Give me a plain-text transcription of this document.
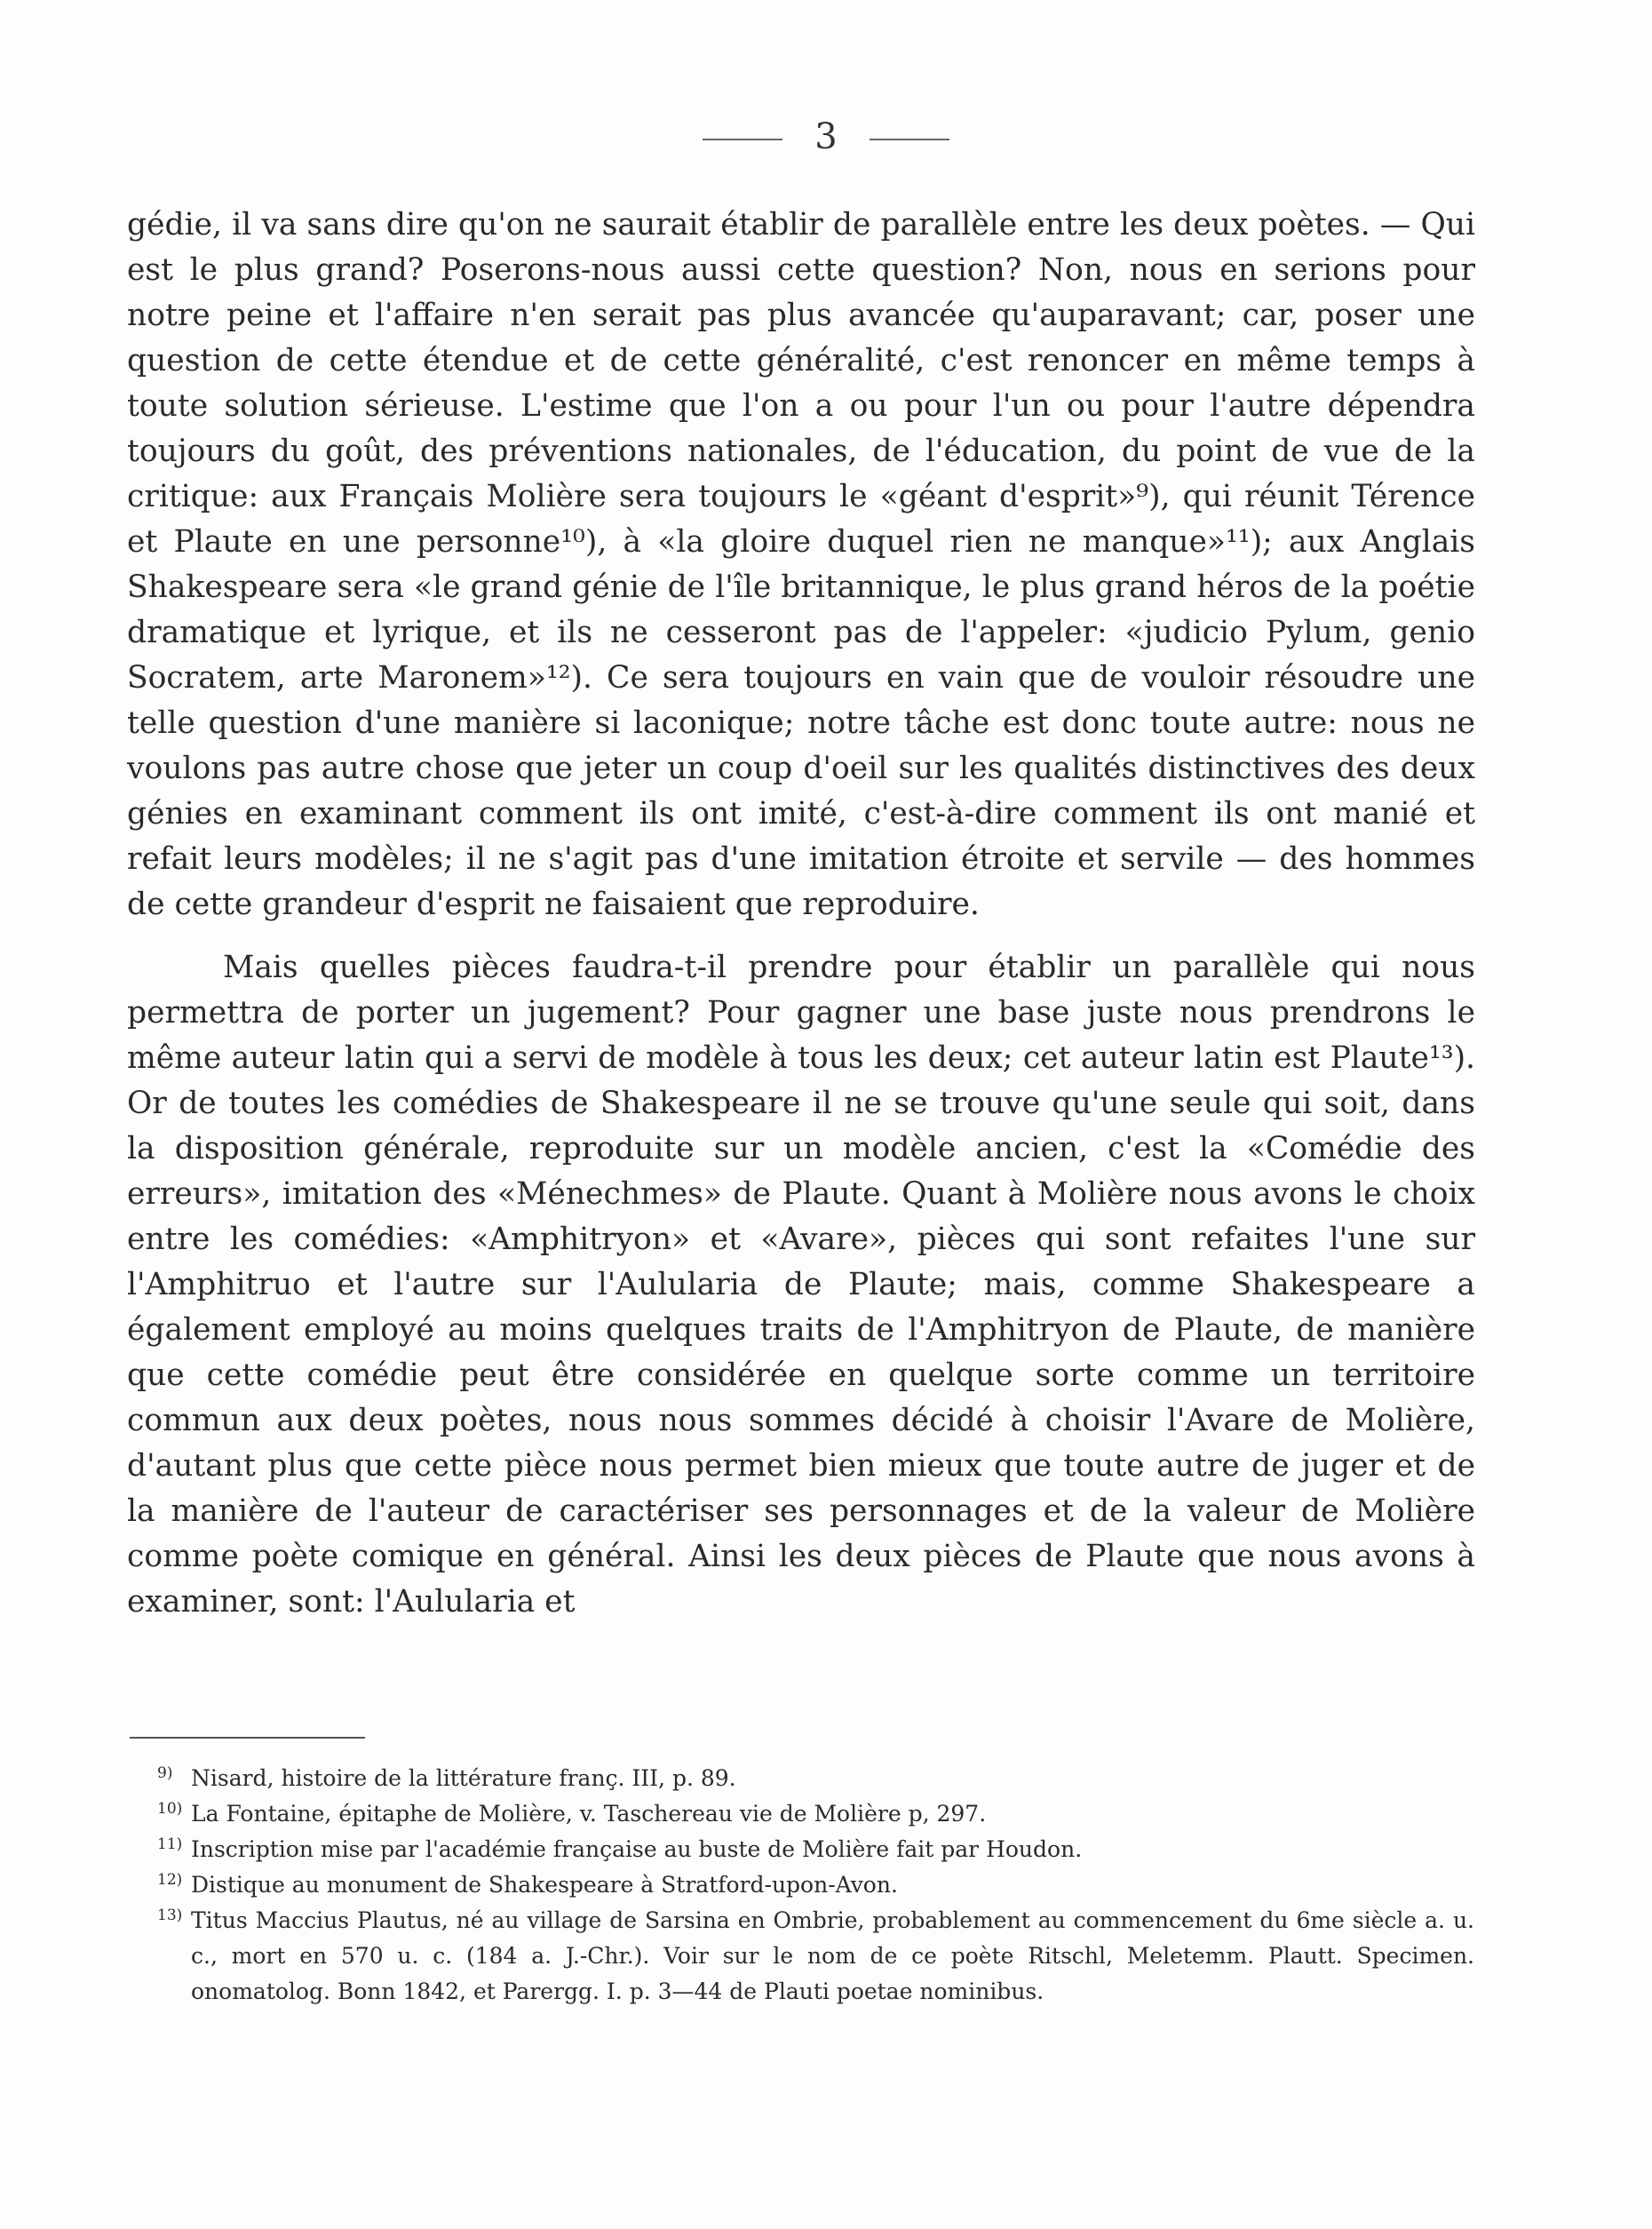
3

gédie, il va sans dire qu'on ne saurait établir de parallèle entre les deux poètes. — Qui est le plus grand? Poserons-nous aussi cette question? Non, nous en serions pour notre peine et l'affaire n'en serait pas plus avancée qu'auparavant; car, poser une question de cette étendue et de cette généralité, c'est renoncer en même temps à toute solution sérieuse. L'estime que l'on a ou pour l'un ou pour l'autre dépendra toujours du goût, des préventions nationales, de l'éducation, du point de vue de la critique: aux Français Molière sera toujours le «géant d'esprit»⁹), qui réunit Térence et Plaute en une personne¹⁰), à «la gloire duquel rien ne manque»¹¹); aux Anglais Shakespeare sera «le grand génie de l'île britannique, le plus grand héros de la poétie dramatique et lyrique, et ils ne cesseront pas de l'appeler: «judicio Pylum, genio Socratem, arte Maronem»¹²). Ce sera toujours en vain que de vouloir résoudre une telle question d'une manière si laconique; notre tâche est donc toute autre: nous ne voulons pas autre chose que jeter un coup d'oeil sur les qualités distinctives des deux génies en examinant comment ils ont imité, c'est-à-dire comment ils ont manié et refait leurs modèles; il ne s'agit pas d'une imitation étroite et servile — des hommes de cette grandeur d'esprit ne faisaient que reproduire.

Mais quelles pièces faudra-t-il prendre pour établir un parallèle qui nous permettra de porter un jugement? Pour gagner une base juste nous prendrons le même auteur latin qui a servi de modèle à tous les deux; cet auteur latin est Plaute¹³). Or de toutes les comédies de Shakespeare il ne se trouve qu'une seule qui soit, dans la disposition générale, reproduite sur un modèle ancien, c'est la «Comédie des erreurs», imitation des «Ménechmes» de Plaute. Quant à Molière nous avons le choix entre les comédies: «Amphitryon» et «Avare», pièces qui sont refaites l'une sur l'Amphitruo et l'autre sur l'Aulularia de Plaute; mais, comme Shakespeare a également employé au moins quelques traits de l'Amphitryon de Plaute, de manière que cette comédie peut être considérée en quelque sorte comme un territoire commun aux deux poètes, nous nous sommes décidé à choisir l'Avare de Molière, d'autant plus que cette pièce nous permet bien mieux que toute autre de juger et de la manière de l'auteur de caractériser ses personnages et de la valeur de Molière comme poète comique en général. Ainsi les deux pièces de Plaute que nous avons à examiner, sont: l'Aulularia et

9) Nisard, histoire de la littérature franç. III, p. 89.

10) La Fontaine, épitaphe de Molière, v. Taschereau vie de Molière p, 297.

11) Inscription mise par l'académie française au buste de Molière fait par Houdon.

12) Distique au monument de Shakespeare à Stratford-upon-Avon.

13) Titus Maccius Plautus, né au village de Sarsina en Ombrie, probablement au commencement du 6me siècle a. u. c., mort en 570 u. c. (184 a. J.-Chr.). Voir sur le nom de ce poète Ritschl, Meletemm. Plautt. Specimen. onomatolog. Bonn 1842, et Parergg. I. p. 3—44 de Plauti poetae nominibus.
